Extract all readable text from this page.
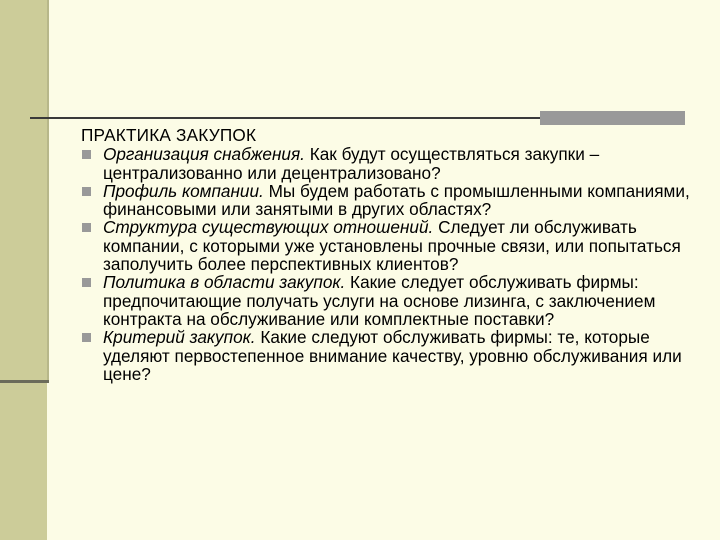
ПРАКТИКА ЗАКУПОК
Организация снабжения. Как будут осуществляться закупки – централизованно или децентрализовано?
Профиль компании. Мы будем работать с промышленными компаниями, финансовыми или занятыми в других областях?
Структура существующих отношений. Следует ли обслуживать компании, с которыми уже установлены прочные связи, или попытаться заполучить более перспективных клиентов?
Политика в области закупок. Какие следует обслуживать фирмы: предпочитающие получать услуги на основе лизинга, с заключением контракта на обслуживание или комплектные поставки?
Критерий закупок. Какие следуют обслуживать фирмы: те, которые уделяют первостепенное внимание качеству, уровню обслуживания или цене?
